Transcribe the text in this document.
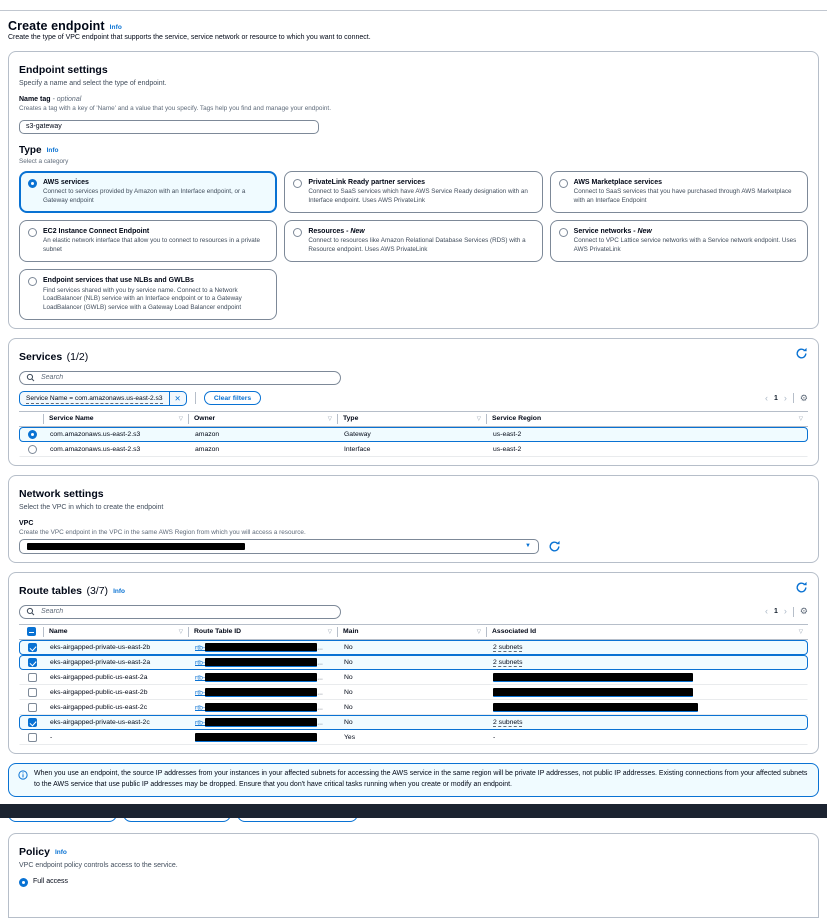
Create endpoint Info

Create the type of VPC endpoint that supports the service, service network or resource to which you want to connect.

Endpoint settings

Specify a name and select the type of endpoint.

Name tag - optional
Creates a tag with a key of 'Name' and a value that you specify. Tags help you find and manage your endpoint.
s3-gateway
Type Info
Select a category
AWS services
Connect to services provided by Amazon with an Interface endpoint, or a Gateway endpoint
PrivateLink Ready partner services
Connect to SaaS services which have AWS Service Ready designation with an Interface endpoint. Uses AWS PrivateLink
AWS Marketplace services
Connect to SaaS services that you have purchased through AWS Marketplace with an Interface Endpoint
EC2 Instance Connect Endpoint
An elastic network interface that allow you to connect to resources in a private subnet
Resources - New
Connect to resources like Amazon Relational Database Services (RDS) with a Resource endpoint. Uses AWS PrivateLink
Service networks - New
Connect to VPC Lattice service networks with a Service network endpoint. Uses AWS PrivateLink
Endpoint services that use NLBs and GWLBs
Find services shared with you by service name. Connect to a Network LoadBalancer (NLB) service with an Interface endpoint or to a Gateway LoadBalancer (GWLB) service with a Gateway Load Balancer endpoint
Services (1/2)
Search
Service Name = com.amazonaws.us-east-2.s3	✕	Clear filters	‹ 1 › ⚙
Service Name	▽ Owner	▽ Type	▽ Service Region	▽
com.amazonaws.us-east-2.s3	amazon	Gateway	us-east-2
com.amazonaws.us-east-2.s3	amazon	Interface	us-east-2
Network settings

Select the VPC in which to create the endpoint

VPC
Create the VPC endpoint in the VPC in the same AWS Region from which you will access a resource.
▼
Route tables (3/7) Info
Search
‹ 1 › ⚙
Name	▽ Route Table ID	▽ Main	▽ Associated Id	▽
eks-airgapped-private-us-east-2b	rtb-	...	No	2 subnets
eks-airgapped-private-us-east-2a	rtb-	...	No	2 subnets
eks-airgapped-public-us-east-2a	rtb-	...	No
eks-airgapped-public-us-east-2b	rtb-	...	No
eks-airgapped-public-us-east-2c	rtb-	...	No
eks-airgapped-private-us-east-2c	rtb-	...	No	2 subnets
-	Yes	-
When you use an endpoint, the source IP addresses from your instances in your affected subnets for accessing the AWS service in the same region will be private IP addresses, not public IP addresses. Existing connections from your affected subnets to the AWS service that use public IP addresses may be dropped. Ensure that you don't have critical tasks running when you create or modify an endpoint.
Policy Info

VPC endpoint policy controls access to the service.

Full access
